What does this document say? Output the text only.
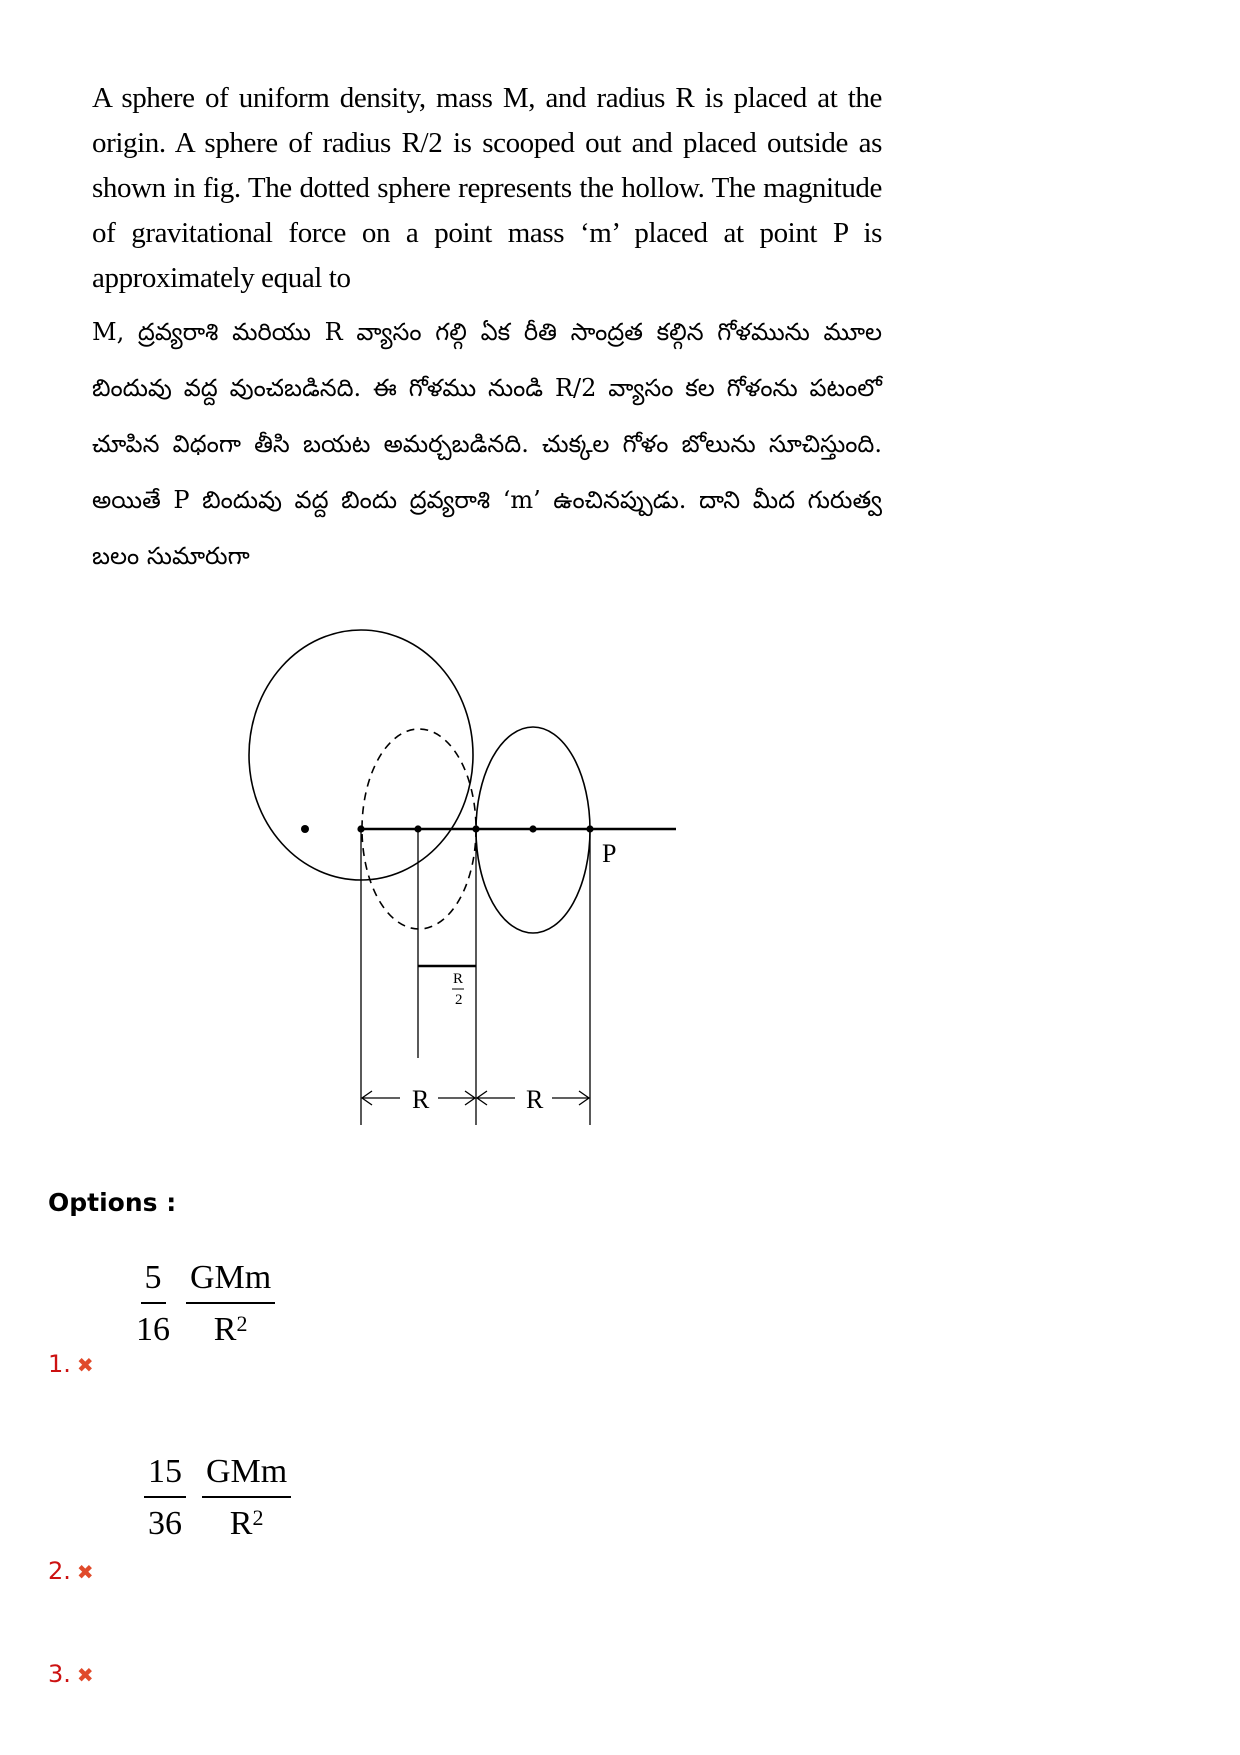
A sphere of uniform density, mass M, and radius R is placed at the origin. A sphere of radius R/2 is scooped out and placed outside as shown in fig. The dotted sphere represents the hollow. The magnitude of gravitational force on a point mass ‘m’ placed at point P is approximately equal to
M, ద్రవ్యరాశి మరియు R వ్యాసం గల్గి ఏక రీతి సాంద్రత కల్గిన గోళమును మూల బిందువు వద్ద వుంచబడినది. ఈ గోళము నుండి R/2 వ్యాసం కల గోళంను పటంలో చూపిన విధంగా తీసి బయట అమర్చబడినది. చుక్కల గోళం బోలును సూచిస్తుంది. అయితే P బిందువు వద్ద బిందు ద్రవ్యరాశి ‘m’ ఉంచినప్పుడు. దాని మీద గురుత్వ బలం సుమారుగా
P
R
2
R	R
Options :
$\frac{5}{16} \frac{\text{GMm}}{R^2}$
1. ✖
$\frac{15}{36} \frac{\text{GMm}}{R^2}$
2. ✖
3. ✖
